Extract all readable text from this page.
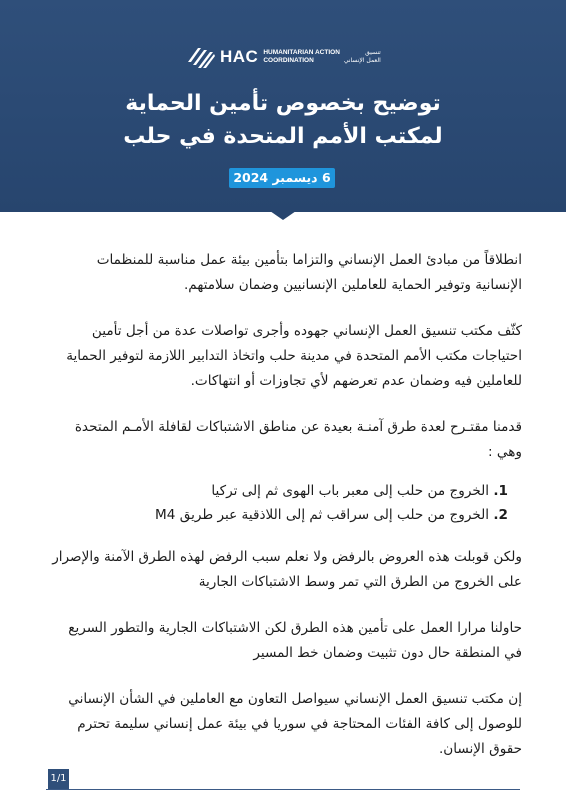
HAC HUMANITARIAN ACTION
COORDINATION
تنسيق
العمل الإنساني
توضيح بخصوص تأمين الحماية
لمكتب الأمم المتحدة في حلب
6 ديسمبر 2024

انطلاقاً من مبادئ العمل الإنساني والتزاما بتأمين بيئة عمل مناسبة للمنظمات الإنسانية وتوفير الحماية للعاملين الإنسانيين وضمان سلامتهم.

كثّف مكتب تنسيق العمل الإنساني جهوده وأجرى تواصلات عدة من أجل تأمين احتياجات مكتب الأمم المتحدة في مدينة حلب واتخاذ التدابير اللازمة لتوفير الحماية للعاملين فيه وضمان عدم تعرضهم لأي تجاوزات أو انتهاكات.

قدمنا مقتـرح لعدة طرق آمنـة بعيدة عن مناطق الاشتباكات لقافلة الأمـم المتحدة وهي :

1. الخروج من حلب إلى معبر باب الهوى ثم إلى تركيا
2. الخروج من حلب إلى سراقب ثم إلى اللاذقية عبر طريق M4

ولكن قوبلت هذه العروض بالرفض ولا نعلم سبب الرفض لهذه الطرق الآمنة والإصرار على الخروج من الطرق التي تمر وسط الاشتباكات الجارية

حاولنا مرارا العمل على تأمين هذه الطرق لكن الاشتباكات الجارية والتطور السريع في المنطقة حال دون تثبيت وضمان خط المسير

إن مكتب تنسيق العمل الإنساني سيواصل التعاون مع العاملين في الشأن الإنساني للوصول إلى كافة الفئات المحتاجة في سوريا في بيئة عمل إنساني سليمة تحترم حقوق الإنسان.

1/1
